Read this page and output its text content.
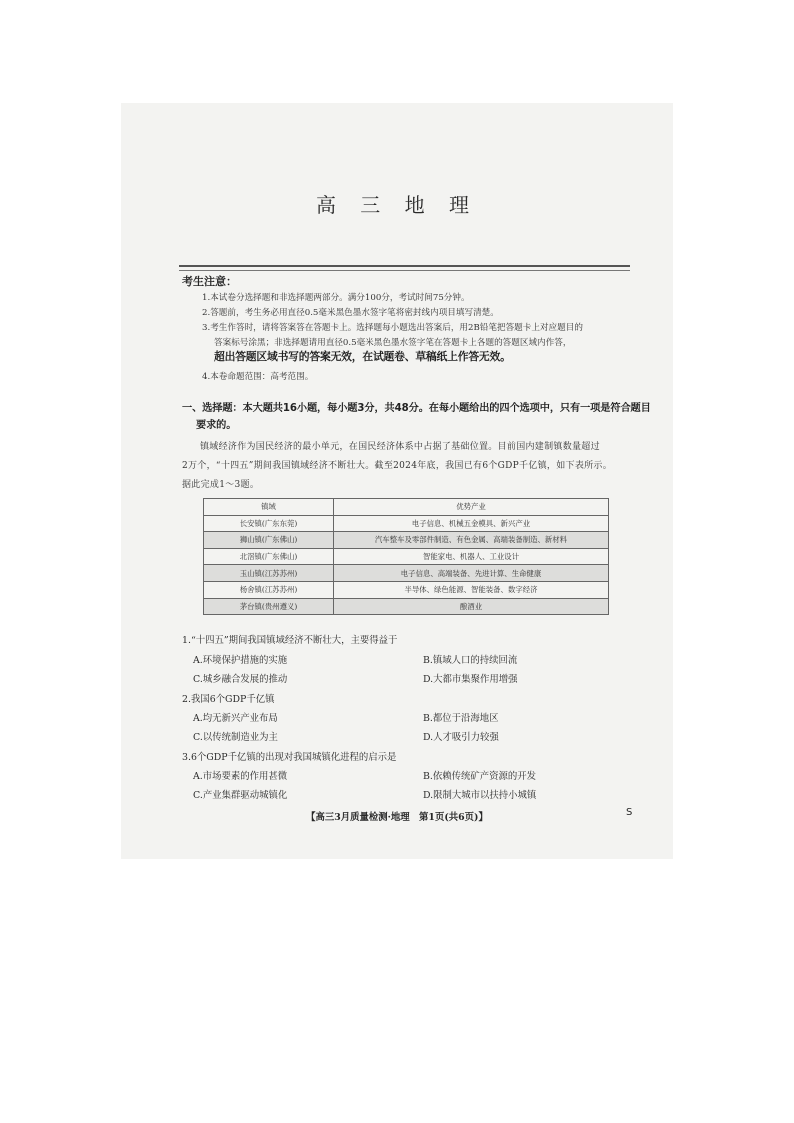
高 三 地 理
考生注意：
1.本试卷分选择题和非选择题两部分。满分100分，考试时间75分钟。
2.答题前，考生务必用直径0.5毫米黑色墨水签字笔将密封线内项目填写清楚。
3.考生作答时，请将答案答在答题卡上。选择题每小题选出答案后，用2B铅笔把答题卡上对应题目的
答案标号涂黑；非选择题请用直径0.5毫米黑色墨水签字笔在答题卡上各题的答题区域内作答，
超出答题区域书写的答案无效，在试题卷、草稿纸上作答无效。
4.本卷命题范围：高考范围。
一、选择题：本大题共16小题，每小题3分，共48分。在每小题给出的四个选项中，只有一项是符合题目
要求的。
镇域经济作为国民经济的最小单元，在国民经济体系中占据了基础位置。目前国内建制镇数量超过
2万个，“十四五”期间我国镇域经济不断壮大。截至2024年底，我国已有6个GDP千亿镇，如下表所示。
据此完成1～3题。
镇域	优势产业
长安镇(广东东莞)	电子信息、机械五金模具、新兴产业
狮山镇(广东佛山)	汽车整车及零部件制造、有色金属、高端装备制造、新材料
北滘镇(广东佛山)	智能家电、机器人、工业设计
玉山镇(江苏苏州)	电子信息、高端装备、先进计算、生命健康
杨舍镇(江苏苏州)	半导体、绿色能源、智能装备、数字经济
茅台镇(贵州遵义)	酿酒业
1.“十四五”期间我国镇域经济不断壮大，主要得益于
A.环境保护措施的实施	B.镇域人口的持续回流
C.城乡融合发展的推动	D.大都市集聚作用增强
2.我国6个GDP千亿镇
A.均无新兴产业布局	B.都位于沿海地区
C.以传统制造业为主	D.人才吸引力较强
3.6个GDP千亿镇的出现对我国城镇化进程的启示是
A.市场要素的作用甚微	B.依赖传统矿产资源的开发
C.产业集群驱动城镇化	D.限制大城市以扶持小城镇
【高三3月质量检测·地理　第1页(共6页)】	S
